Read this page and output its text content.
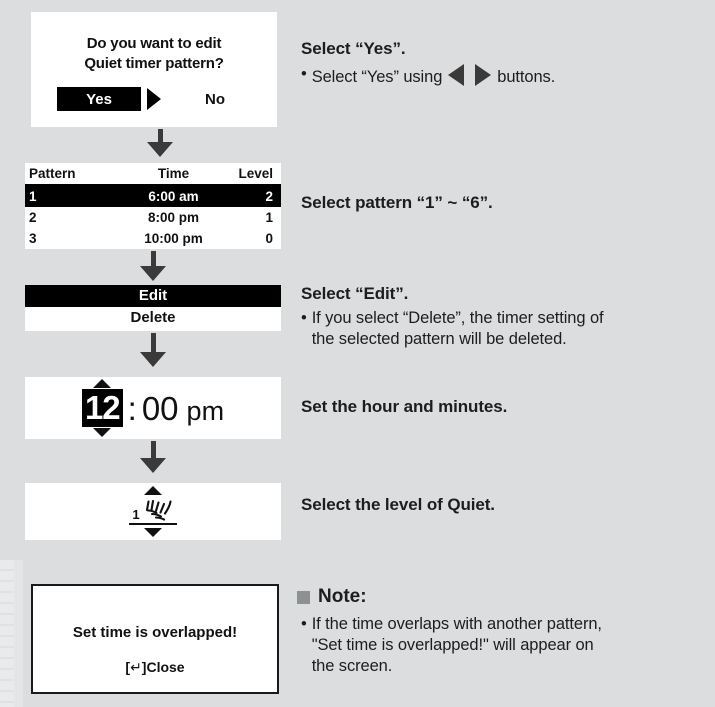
Do you want to edit
Quiet timer pattern?
Yes	No
Pattern	Time	Level
1	6:00 am	2
2	8:00 pm	1
3	10:00 pm	0
Edit
Delete
12 : 00 pm
1
Set time is overlapped!
[↵]Close
Select “Yes”.
• Select “Yes” using	buttons.
Select pattern “1” ~ “6”.
Select “Edit”.
• If you select “Delete”, the timer setting of
the selected pattern will be deleted.
Set the hour and minutes.
Select the level of Quiet.
Note:
• If the time overlaps with another pattern,
"Set time is overlapped!" will appear on
the screen.
